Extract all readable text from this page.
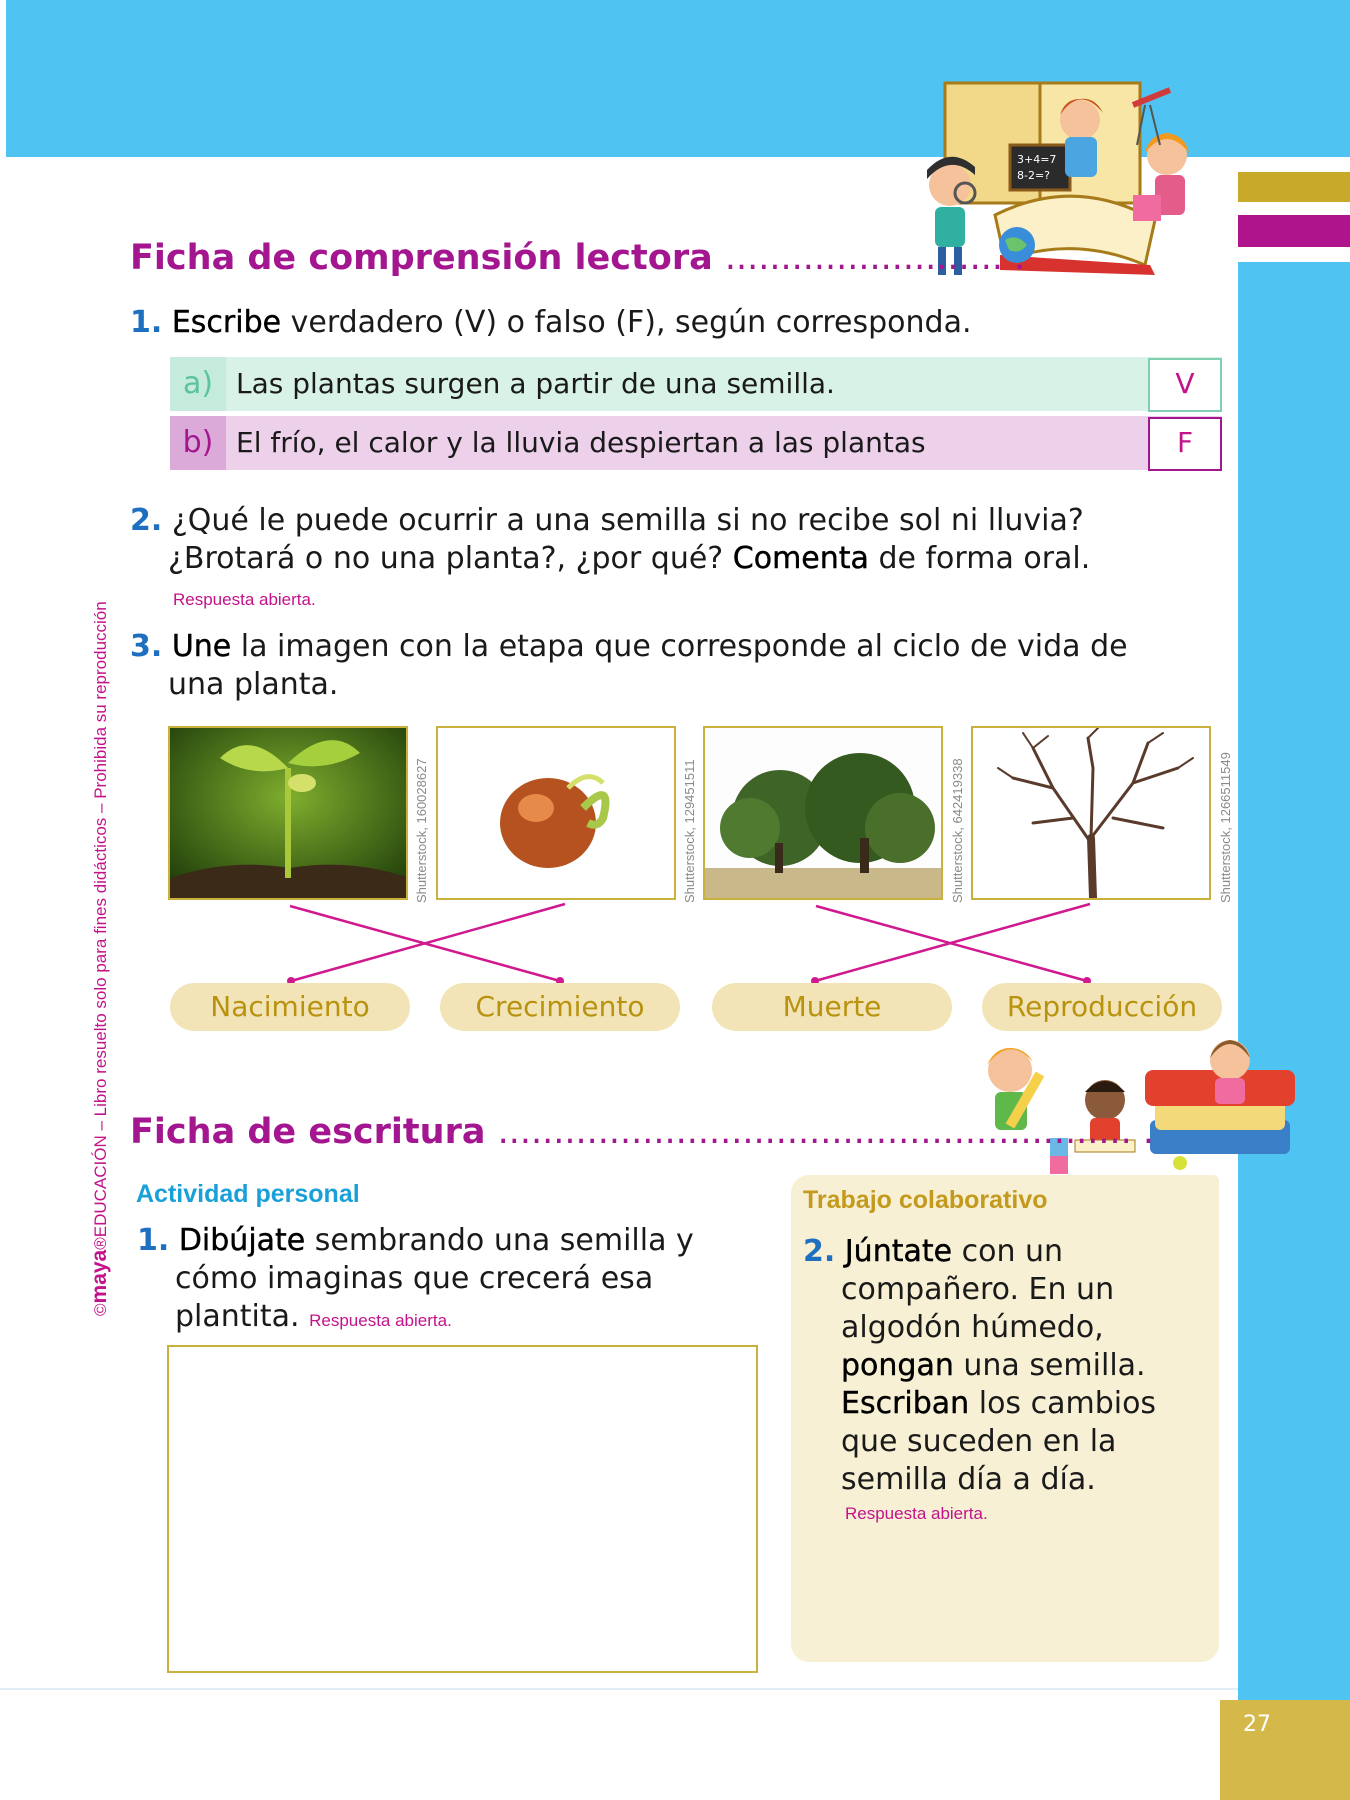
27
©maya®EDUCACIÓN – Libro resuelto solo para fines didácticos – Prohibida su reproducción
3+4=7
8-2=?
Ficha de comprensión lectora ......................... .
1. Escribe verdadero (V) o falso (F), según corresponda.
a) Las plantas surgen a partir de una semilla.	V
b) El frío, el calor y la lluvia despiertan a las plantas	F
2. ¿Qué le puede ocurrir a una semilla si no recibe sol ni lluvia?
¿Brotará o no una planta?, ¿por qué? Comenta de forma oral.
Respuesta abierta.
3. Une la imagen con la etapa que corresponde al ciclo de vida de
una planta.
Shutterstock, 160028627	Shutterstock, 129451511	Shutterstock, 642419338	Shutterstock, 1266511549
Nacimiento	Crecimiento	Muerte	Reproducción
Ficha de escritura ......................................................... .
Actividad personal
1. Dibújate sembrando una semilla y
cómo imaginas que crecerá esa
plantita. Respuesta abierta.
Trabajo colaborativo
2. Júntate con un
compañero. En un
algodón húmedo,
pongan una semilla.
Escriban los cambios
que suceden en la
semilla día a día.
Respuesta abierta.
